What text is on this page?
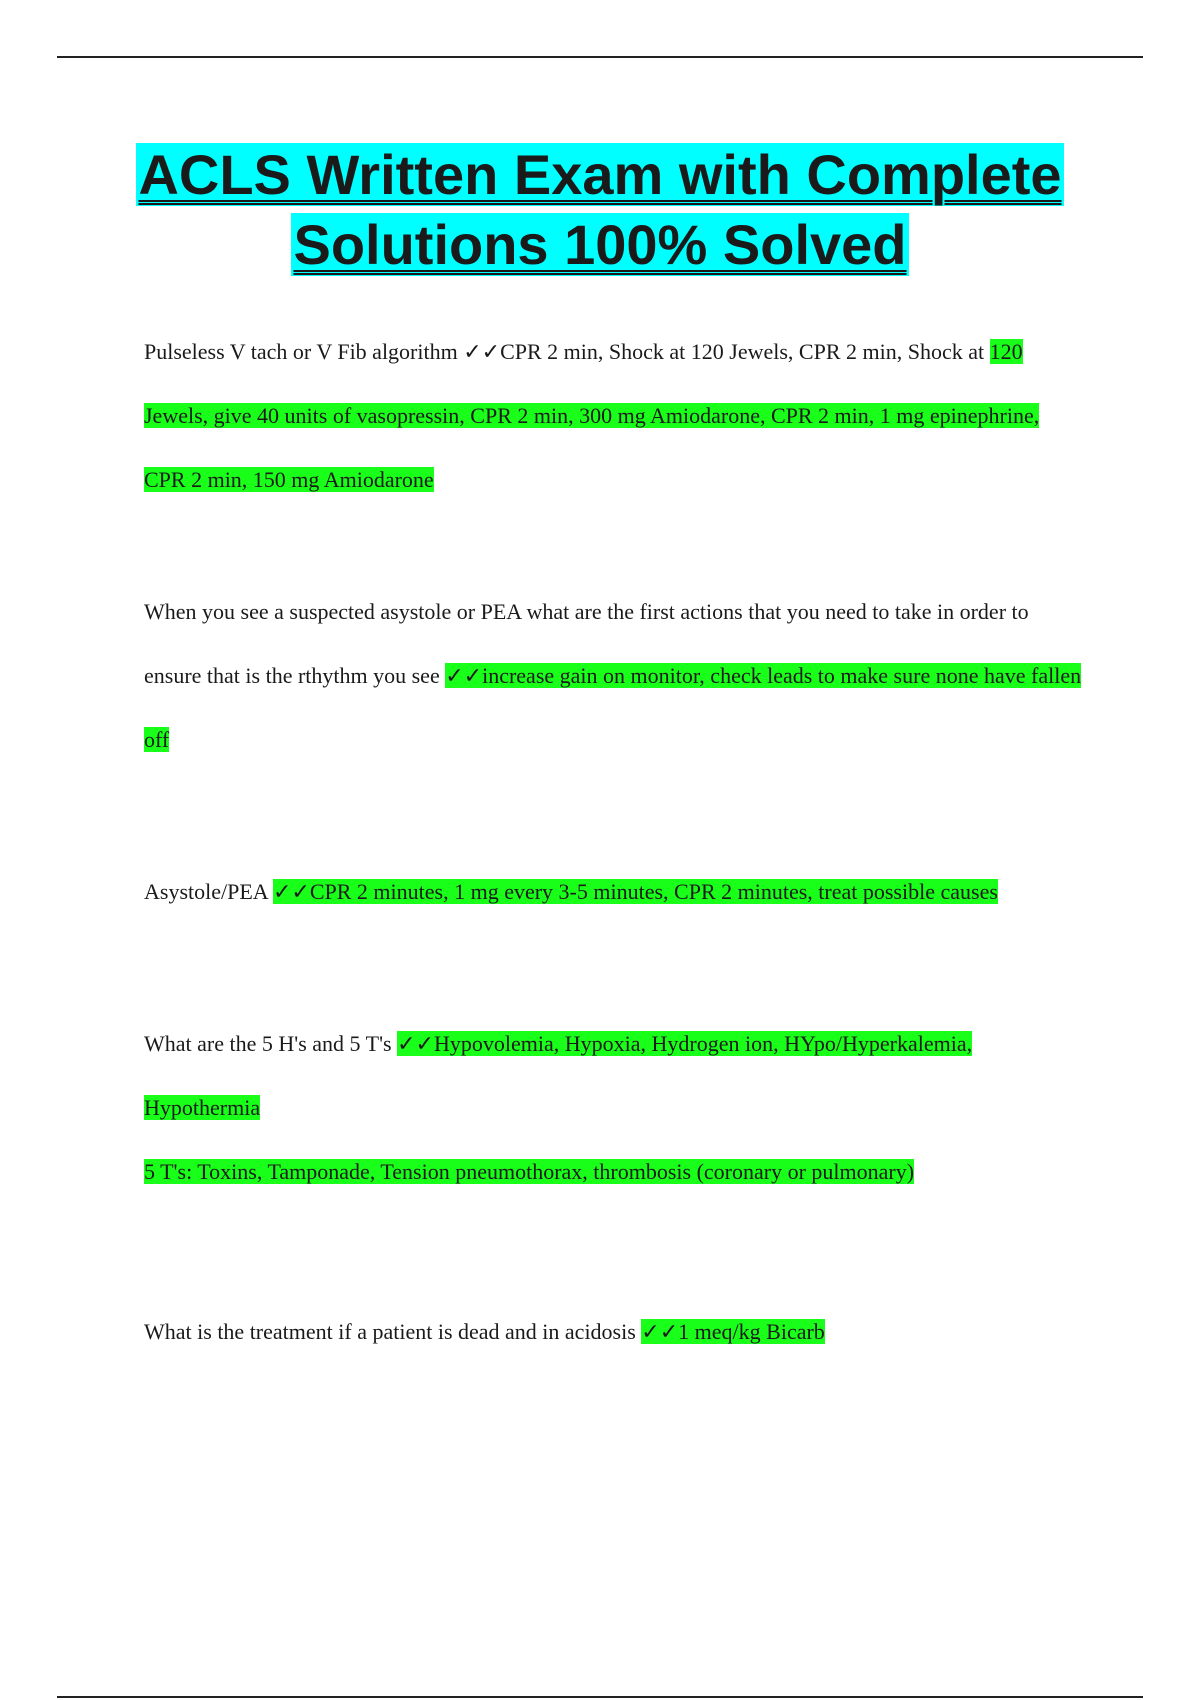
ACLS Written Exam with Complete
Solutions 100% Solved
Pulseless V tach or V Fib algorithm ✓✓CPR 2 min, Shock at 120 Jewels, CPR 2 min, Shock at 120 Jewels, give 40 units of vasopressin, CPR 2 min, 300 mg Amiodarone, CPR 2 min, 1 mg epinephrine, CPR 2 min, 150 mg Amiodarone
When you see a suspected asystole or PEA what are the first actions that you need to take in order to ensure that is the rthythm you see ✓✓increase gain on monitor, check leads to make sure none have fallen off
Asystole/PEA ✓✓CPR 2 minutes, 1 mg every 3-5 minutes, CPR 2 minutes, treat possible causes
What are the 5 H's and 5 T's ✓✓Hypovolemia, Hypoxia, Hydrogen ion, HYpo/Hyperkalemia, Hypothermia
5 T's: Toxins, Tamponade, Tension pneumothorax, thrombosis (coronary or pulmonary)
What is the treatment if a patient is dead and in acidosis ✓✓1 meq/kg Bicarb
